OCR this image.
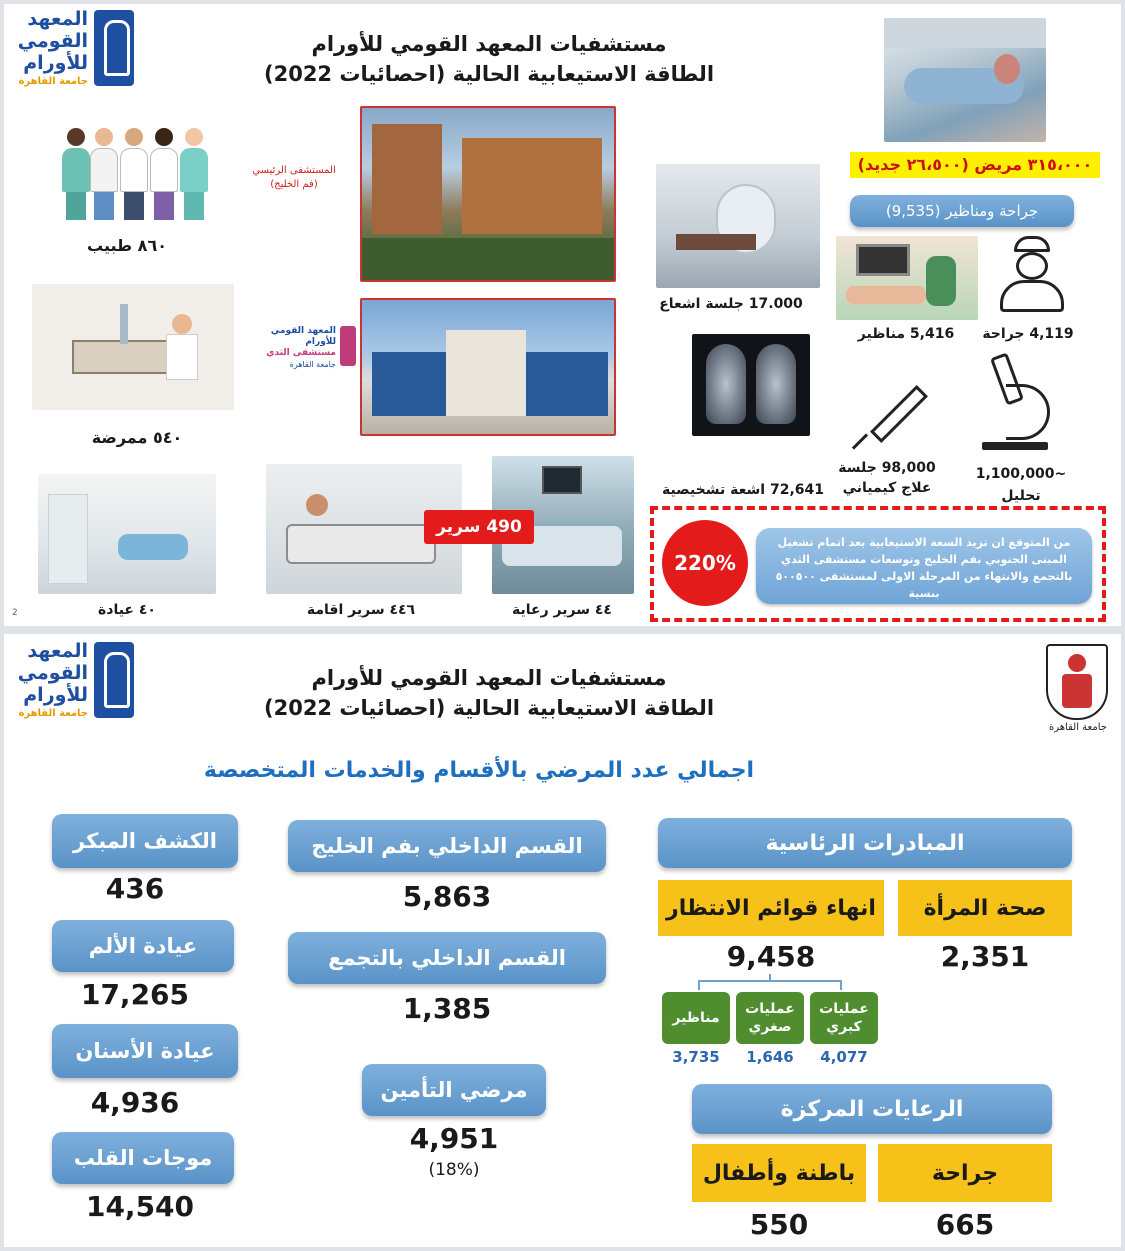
المعهد
القومي
للأورام
جامعة القاهرة
مستشفيات المعهد القومي للأورام
الطاقة الاستيعابية الحالية (احصائيات 2022)
٣١٥،٠٠٠ مريض (٢٦،٥٠٠ جديد)
جراحة ومناظير (9,535)
٨٦٠ طبيب
المستشفى الرئيسي
(فم الخليج)
17.000 جلسة اشعاع
5,416 مناظير	4,119 جراحة
٥٤٠ ممرضة
المعهد القومي
للأورام
مستشفى الثدي
جامعة القاهرة
72,641 اشعة تشخيصية
98,000 جلسة
علاج كيمياني
~1,100,000
تحليل
٤٠ عيادة	٤٤٦ سرير اقامة	٤٤ سرير رعاية
490 سرير
220%
من المتوقع ان تزيد السعة الاستيعابية بعد اتمام تشغيل المبنى الجنوبي بفم الخليج وتوسعات مستشفى الثدي بالتجمع والانتهاء من المرحلة الاولى لمستشفى ٥٠٠٥٠٠ بنسبة
2
المعهد
القومي
للأورام
جامعة القاهرة
مستشفيات المعهد القومي للأورام
الطاقة الاستيعابية الحالية (احصائيات 2022)
جامعة القاهرة
اجمالي عدد المرضي بالأقسام والخدمات المتخصصة
المبادرات الرئاسية
صحة المرأة
2,351
انهاء قوائم الانتظار
9,458
عمليات
كبري
4,077
عمليات
صغري
1,646
مناظير
3,735
الرعايات المركزة
جراحة
665
باطنة وأطفال
550
القسم الداخلي بفم الخليج
5,863
القسم الداخلي بالتجمع
1,385
مرضي التأمين
4,951
(18%)
الكشف المبكر
436
عيادة الألم
17,265
عيادة الأسنان
4,936
موجات القلب
14,540
